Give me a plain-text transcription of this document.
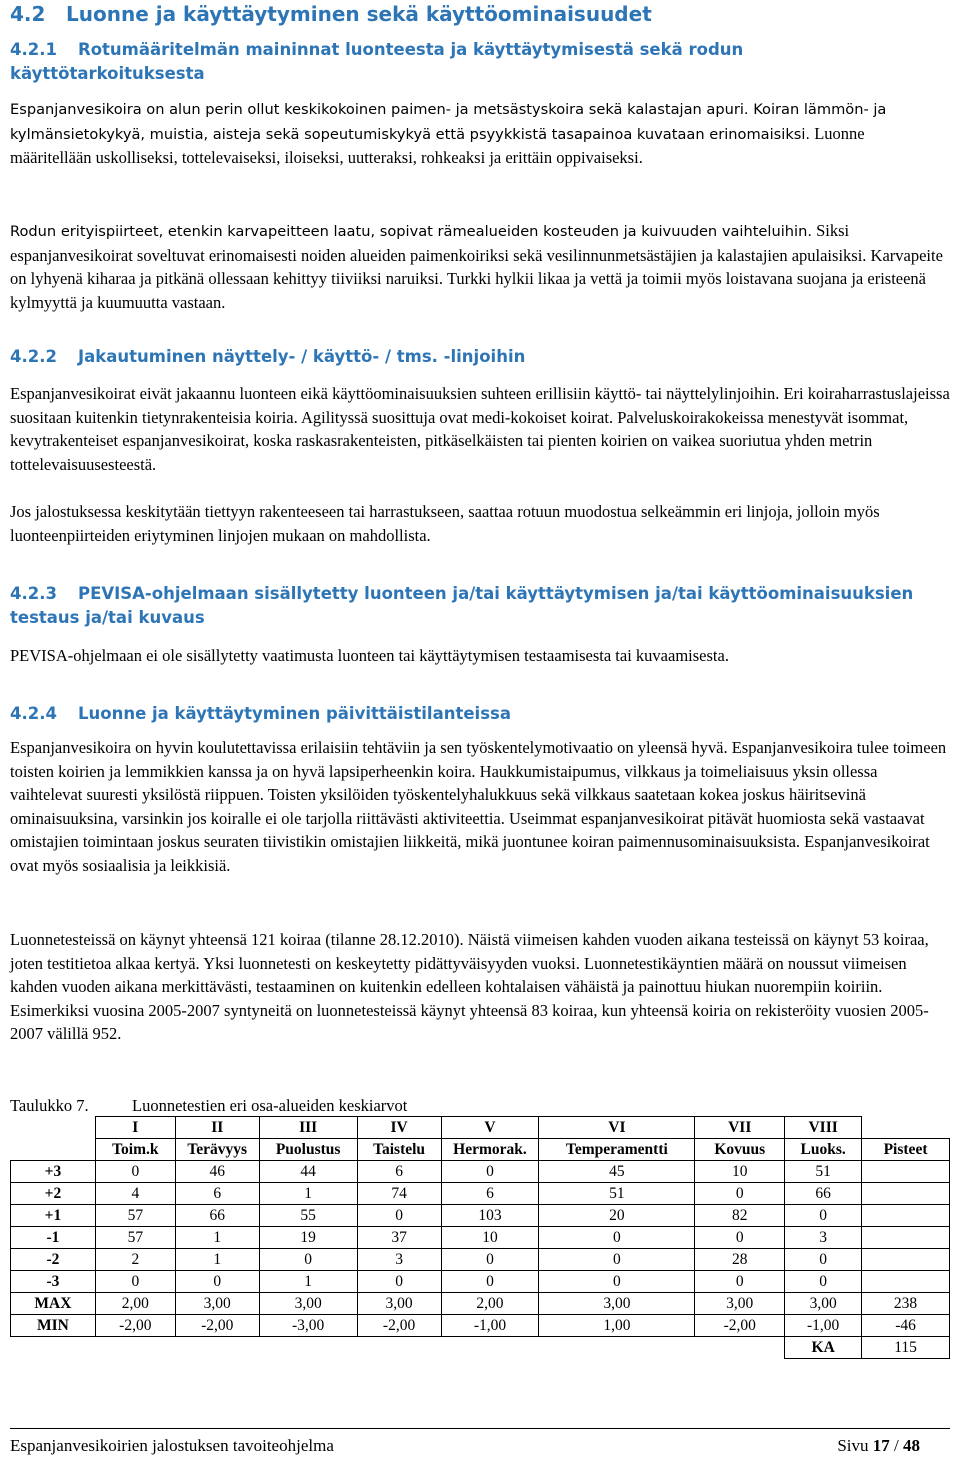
4.2 Luonne ja käyttäytyminen sekä käyttöominaisuudet
4.2.1 Rotumääritelmän maininnat luonteesta ja käyttäytymisestä sekä rodun
käyttötarkoituksesta

Espanjanvesikoira on alun perin ollut keskikokoinen paimen- ja metsästyskoira sekä kalastajan apuri. Koiran lämmön- ja kylmänsietokykyä, muistia, aisteja sekä sopeutumiskykyä että psyykkistä tasapainoa kuvataan erinomaisiksi. Luonne määritellään uskolliseksi, tottelevaiseksi, iloiseksi, uutteraksi, rohkeaksi ja erittäin oppivaiseksi.

Rodun erityispiirteet, etenkin karvapeitteen laatu, sopivat rämealueiden kosteuden ja kuivuuden vaihteluihin. Siksi espanjanvesikoirat soveltuvat erinomaisesti noiden alueiden paimenkoiriksi sekä vesilinnunmetsästäjien ja kalastajien apulaisiksi. Karvapeite on lyhyenä kiharaa ja pitkänä ollessaan kehittyy tiiviiksi naruiksi. Turkki hylkii likaa ja vettä ja toimii myös loistavana suojana ja eristeenä kylmyyttä ja kuumuutta vastaan.

4.2.2 Jakautuminen näyttely- / käyttö- / tms. -linjoihin

Espanjanvesikoirat eivät jakaannu luonteen eikä käyttöominaisuuksien suhteen erillisiin käyttö- tai näyttelylinjoihin. Eri koiraharrastuslajeissa suositaan kuitenkin tietynrakenteisia koiria. Agilityssä suosittuja ovat medi-kokoiset koirat. Palveluskoirakokeissa menestyvät isommat, kevytrakenteiset espanjanvesikoirat, koska raskasrakenteisten, pitkäselkäisten tai pienten koirien on vaikea suoriutua yhden metrin tottelevaisuusesteestä.

Jos jalostuksessa keskitytään tiettyyn rakenteeseen tai harrastukseen, saattaa rotuun muodostua selkeämmin eri linjoja, jolloin myös luonteenpiirteiden eriytyminen linjojen mukaan on mahdollista.

4.2.3 PEVISA-ohjelmaan sisällytetty luonteen ja/tai käyttäytymisen ja/tai käyttöominaisuuksien
testaus ja/tai kuvaus

PEVISA-ohjelmaan ei ole sisällytetty vaatimusta luonteen tai käyttäytymisen testaamisesta tai kuvaamisesta.

4.2.4 Luonne ja käyttäytyminen päivittäistilanteissa

Espanjanvesikoira on hyvin koulutettavissa erilaisiin tehtäviin ja sen työskentelymotivaatio on yleensä hyvä. Espanjanvesikoira tulee toimeen toisten koirien ja lemmikkien kanssa ja on hyvä lapsiperheenkin koira. Haukkumistaipumus, vilkkaus ja toimeliaisuus yksin ollessa vaihtelevat suuresti yksilöstä riippuen. Toisten yksilöiden työskentelyhalukkuus sekä vilkkaus saatetaan kokea joskus häiritsevinä ominaisuuksina, varsinkin jos koiralle ei ole tarjolla riittävästi aktiviteettia. Useimmat espanjanvesikoirat pitävät huomiosta sekä vastaavat omistajien toimintaan joskus seuraten tiivistikin omistajien liikkeitä, mikä juontunee koiran paimennusominaisuuksista. Espanjanvesikoirat ovat myös sosiaalisia ja leikkisiä.

Luonnetesteissä on käynyt yhteensä 121 koiraa (tilanne 28.12.2010). Näistä viimeisen kahden vuoden aikana testeissä on käynyt 53 koiraa, joten testitietoa alkaa kertyä. Yksi luonnetesti on keskeytetty pidättyväisyyden vuoksi. Luonnetestikäyntien määrä on noussut viimeisen kahden vuoden aikana merkittävästi, testaaminen on kuitenkin edelleen kohtalaisen vähäistä ja painottuu hiukan nuorempiin koiriin. Esimerkiksi vuosina 2005-2007 syntyneitä on luonnetesteissä käynyt yhteensä 83 koiraa, kun yhteensä koiria on rekisteröity vuosien 2005-2007 välillä 952.

Taulukko 7.	Luonnetestien eri osa-alueiden keskiarvot
	I	II	III	IV	V	VI	VII	VIII	
	Toim.k	Terävyys	Puolustus	Taistelu	Hermorak.	Temperamentti	Kovuus	Luoks.	Pisteet
+3	0	46	44	6	0	45	10	51	
+2	4	6	1	74	6	51	0	66	
+1	57	66	55	0	103	20	82	0	
-1	57	1	19	37	10	0	0	3	
-2	2	1	0	3	0	0	28	0	
-3	0	0	1	0	0	0	0	0	
MAX	2,00	3,00	3,00	3,00	2,00	3,00	3,00	3,00	238
MIN	-2,00	-2,00	-3,00	-2,00	-1,00	1,00	-2,00	-1,00	-46
								KA	115
Espanjanvesikoirien jalostuksen tavoiteohjelma	Sivu 17 / 48
